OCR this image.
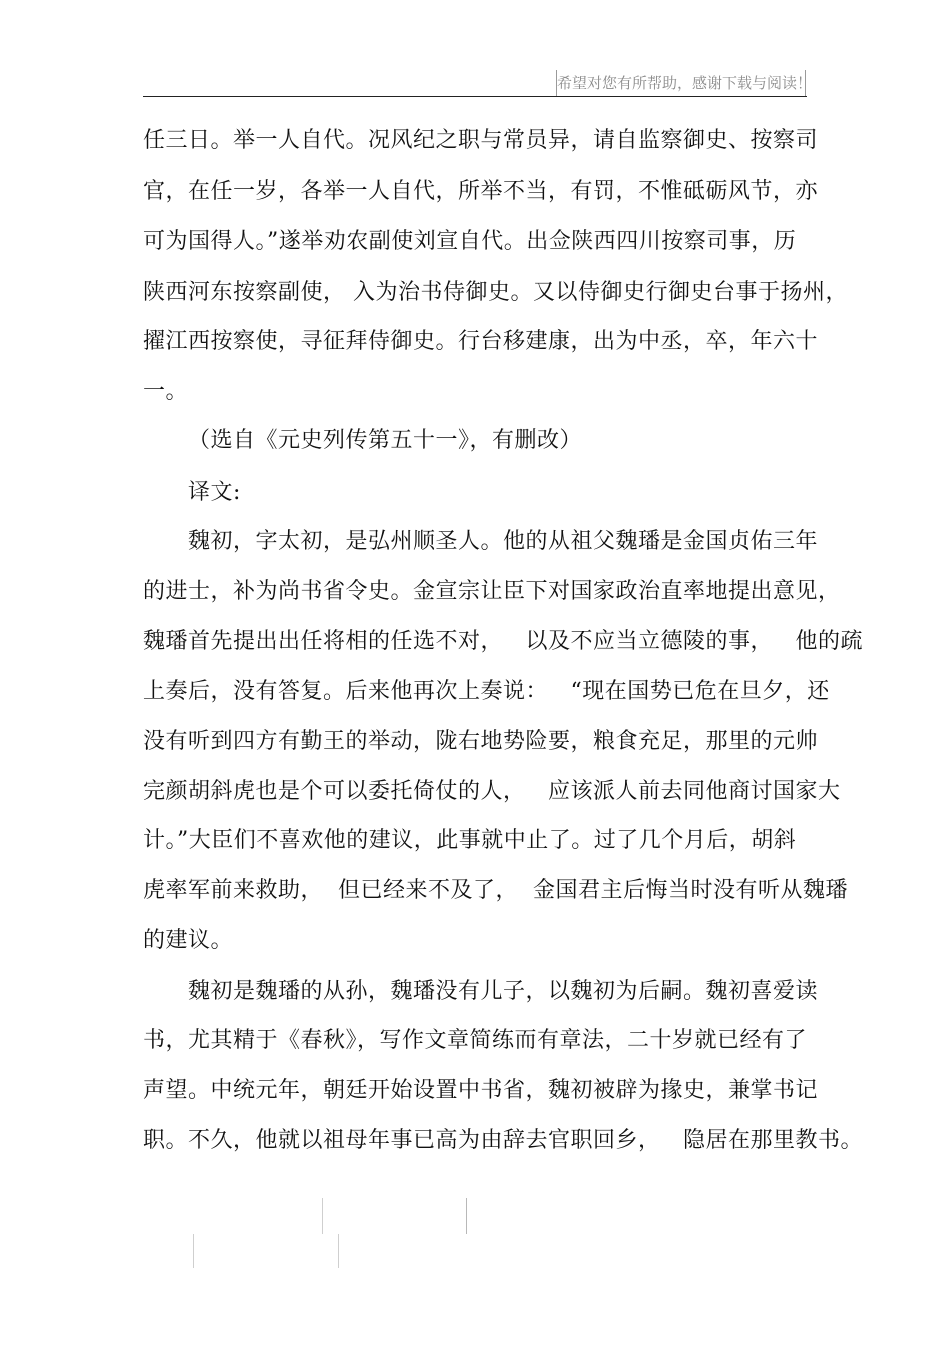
希望对您有所帮助，感谢下载与阅读！
任三日。举一人自代。况风纪之职与常员异，请自监察御史、按察司
官，在任一岁，各举一人自代，所举不当，有罚，不惟砥砺风节，亦
可为国得人。”遂举劝农副使刘宣自代。出佥陕西四川按察司事，历
陕西河东按察副使， 入为治书侍御史。又以侍御史行御史台事于扬州，
擢江西按察使，寻征拜侍御史。行台移建康，出为中丞，卒，年六十
一。
（选自《元史列传第五十一》，有删改）
译文:
魏初，字太初，是弘州顺圣人。他的从祖父魏璠是金国贞佑三年
的进士，补为尚书省令史。金宣宗让臣下对国家政治直率地提出意见，
魏璠首先提出出任将相的任选不对，   以及不应当立德陵的事，   他的疏
上奏后，没有答复。后来他再次上奏说：   “现在国势已危在旦夕，还
没有听到四方有勤王的举动，陇右地势险要，粮食充足，那里的元帅
完颜胡斜虎也是个可以委托倚仗的人，   应该派人前去同他商讨国家大
计。”大臣们不喜欢他的建议，此事就中止了。过了几个月后，胡斜
虎率军前来救助，  但已经来不及了，  金国君主后悔当时没有听从魏璠
的建议。
魏初是魏璠的从孙，魏璠没有儿子，以魏初为后嗣。魏初喜爱读
书，尤其精于《春秋》，写作文章简练而有章法，二十岁就已经有了
声望。中统元年，朝廷开始设置中书省，魏初被辟为掾史，兼掌书记
职。不久，他就以祖母年事已高为由辞去官职回乡，   隐居在那里教书。
